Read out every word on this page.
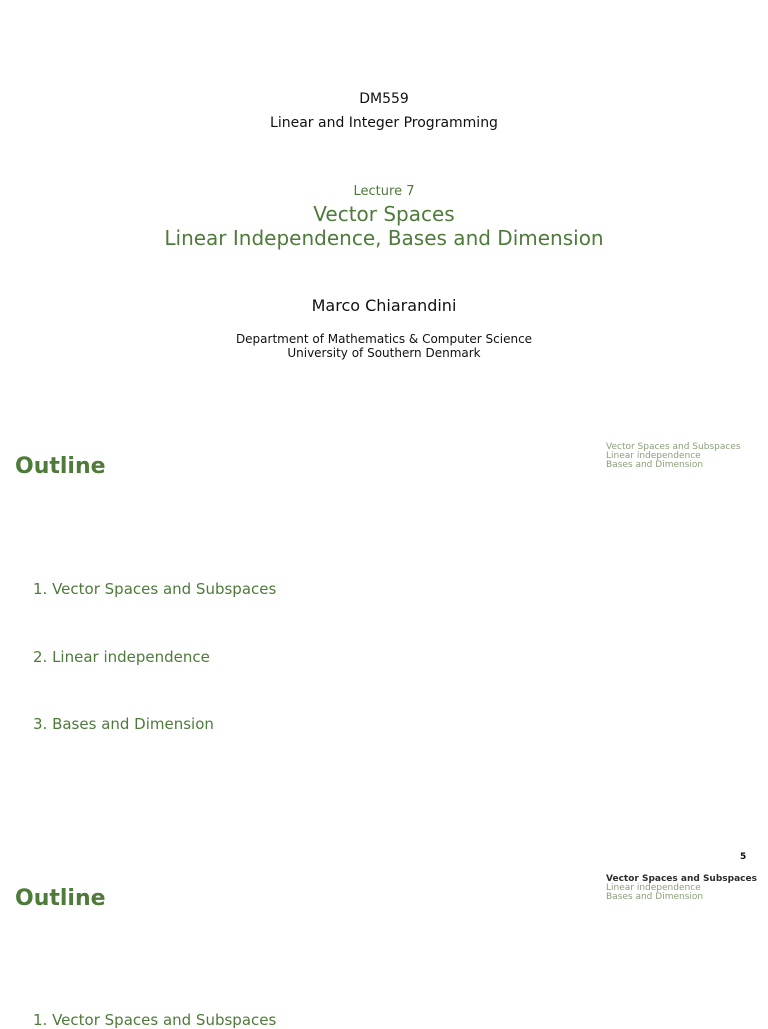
DM559
Linear and Integer Programming
Lecture 7
Vector Spaces
Linear Independence, Bases and Dimension
Marco Chiarandini
Department of Mathematics & Computer Science
University of Southern Denmark
Vector Spaces and Subspaces
Linear independence
Bases and Dimension
Outline
1. Vector Spaces and Subspaces
2. Linear independence
3. Bases and Dimension
5
Vector Spaces and Subspaces
Linear independence
Bases and Dimension
Outline
1. Vector Spaces and Subspaces
